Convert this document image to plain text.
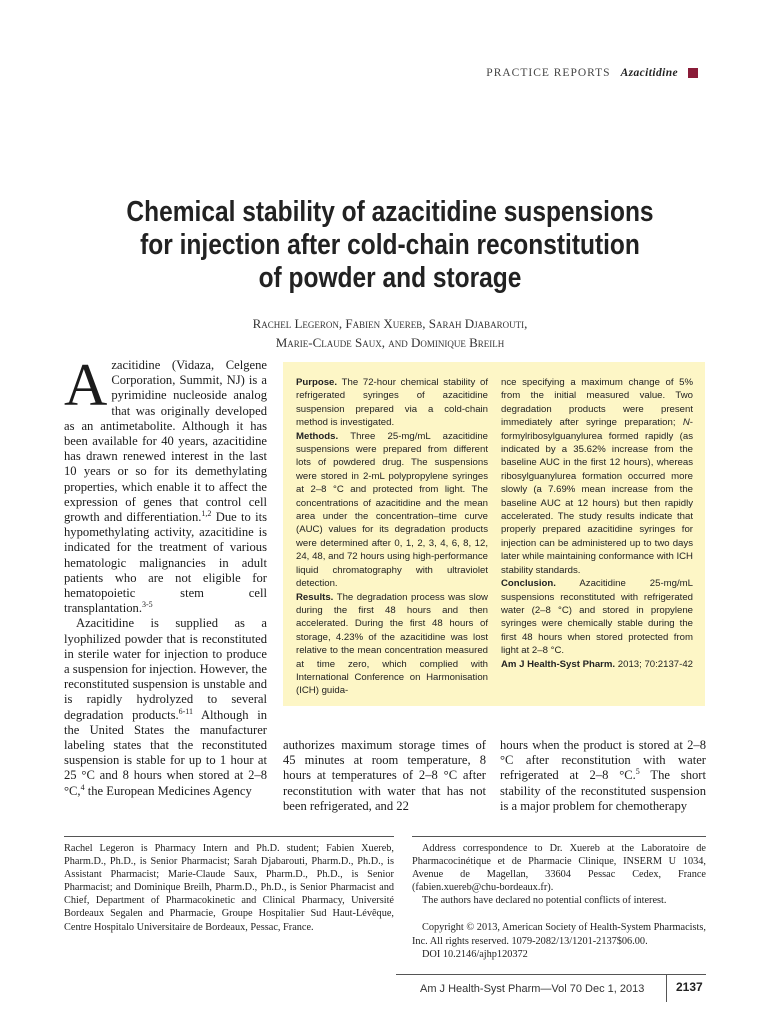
PRACTICE REPORTS Azacitidine
Chemical stability of azacitidine suspensions
for injection after cold-chain reconstitution
of powder and storage
Rachel Legeron, Fabien Xuereb, Sarah Djabarouti,
Marie-Claude Saux, and Dominique Breilh

Azacitidine (Vidaza, Celgene Corporation, Summit, NJ) is a pyrimidine nucleoside analog that was originally developed as an antimetabolite. Although it has been available for 40 years, azacitidine has drawn renewed interest in the last 10 years or so for its demethylating properties, which enable it to affect the expression of genes that control cell growth and differentiation.$^{1,2}$ Due to its hypomethylating activity, azacitidine is indicated for the treatment of various hematologic malignancies in adult patients who are not eligible for hematopoietic stem cell transplantation.$^{3-5}$

Azacitidine is supplied as a lyophilized powder that is reconstituted in sterile water for injection to produce a suspension for injection. However, the reconstituted suspension is unstable and is rapidly hydrolyzed to several degradation products.$^{6-11}$ Although in the United States the manufacturer labeling states that the reconstituted suspension is stable for up to 1 hour at 25 °C and 8 hours when stored at 2–8 °C,$^4$ the European Medicines Agency

Purpose. The 72-hour chemical stability of refrigerated syringes of azacitidine suspension prepared via a cold-chain method is investigated.
Methods. Three 25-mg/mL azacitidine suspensions were prepared from different lots of powdered drug. The suspensions were stored in 2-mL polypropylene syringes at 2–8 °C and protected from light. The concentrations of azacitidine and the mean area under the concentration–time curve (AUC) values for its degradation products were determined after 0, 1, 2, 3, 4, 6, 8, 12, 24, 48, and 72 hours using high-performance liquid chromatography with ultraviolet detection.
Results. The degradation process was slow during the first 48 hours and then accelerated. During the first 48 hours of storage, 4.23% of the azacitidine was lost relative to the mean concentration measured at time zero, which complied with International Conference on Harmonisation (ICH) guida-
nce specifying a maximum change of 5% from the initial measured value. Two degradation products were present immediately after syringe preparation; N-formylribosylguanylurea formed rapidly (as indicated by a 35.62% increase from the baseline AUC in the first 12 hours), whereas ribosylguanylurea formation occurred more slowly (a 7.69% mean increase from the baseline AUC at 12 hours) but then rapidly accelerated. The study results indicate that properly prepared azacitidine syringes for injection can be administered up to two days later while maintaining conformance with ICH stability standards.
Conclusion. Azacitidine 25-mg/mL suspensions reconstituted with refrigerated water (2–8 °C) and stored in propylene syringes were chemically stable during the first 48 hours when stored protected from light at 2–8 °C.
Am J Health-Syst Pharm. 2013; 70:2137-42

authorizes maximum storage times of 45 minutes at room temperature, 8 hours at temperatures of 2–8 °C after reconstitution with water that has not been refrigerated, and 22

hours when the product is stored at 2–8 °C after reconstitution with water refrigerated at 2–8 °C.$^5$ The short stability of the reconstituted suspension is a major problem for chemotherapy

Rachel Legeron is Pharmacy Intern and Ph.D. student; Fabien Xuereb, Pharm.D., Ph.D., is Senior Pharmacist; Sarah Djabarouti, Pharm.D., Ph.D., is Assistant Pharmacist; Marie-Claude Saux, Pharm.D., Ph.D., is Senior Pharmacist; and Dominique Breilh, Pharm.D., Ph.D., is Senior Pharmacist and Chief, Department of Pharmacokinetic and Clinical Pharmacy, Université Bordeaux Segalen and Pharmacie, Groupe Hospitalier Sud Haut-Lévêque, Centre Hospitalo Universitaire de Bordeaux, Pessac, France.

Address correspondence to Dr. Xuereb at the Laboratoire de Pharmacocinétique et de Pharmacie Clinique, INSERM U 1034, Avenue de Magellan, 33604 Pessac Cedex, France (fabien.xuereb@chu-bordeaux.fr).

The authors have declared no potential conflicts of interest.

Copyright © 2013, American Society of Health-System Pharmacists, Inc. All rights reserved. 1079-2082/13/1201-2137$06.00.

DOI 10.2146/ajhp120372

Am J Health-Syst Pharm—Vol 70 Dec 1, 2013	2137
